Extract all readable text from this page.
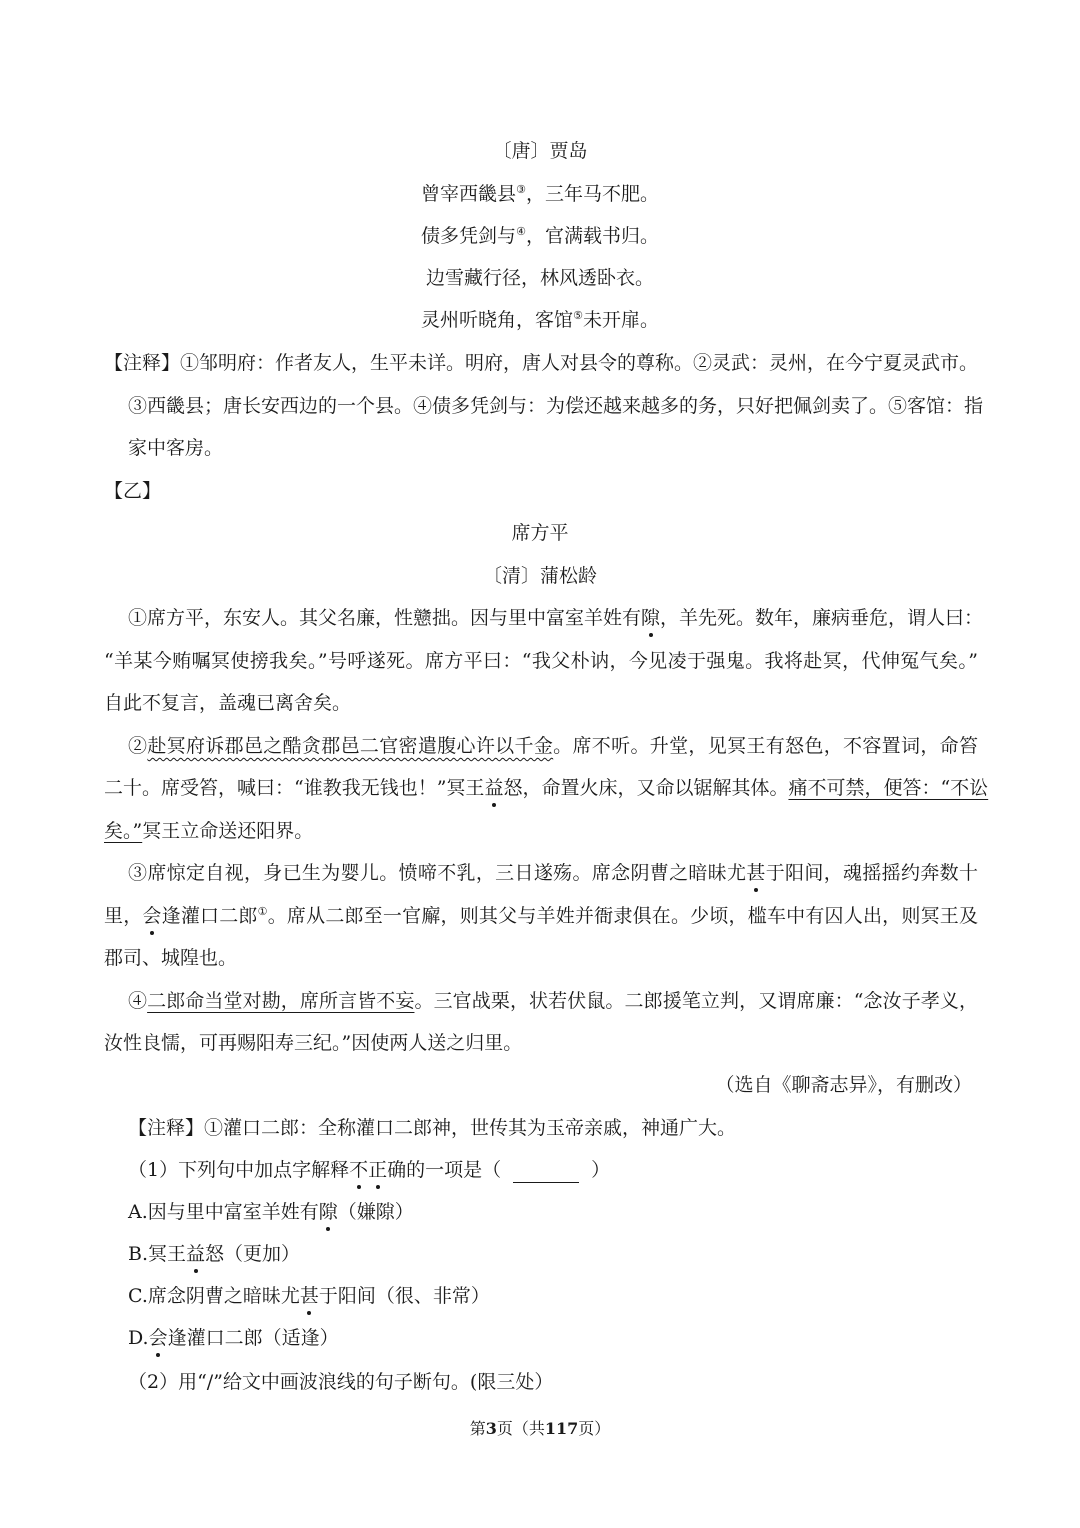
〔唐〕贾岛
曾宰西畿县③，三年马不肥。
债多凭剑与④，官满载书归。
边雪藏行径，林风透卧衣。
灵州听晓角，客馆⑤未开扉。
【注释】①邹明府：作者友人，生平未详。明府，唐人对县令的尊称。②灵武：灵州，在今宁夏灵武市。
③西畿县；唐长安西边的一个县。④债多凭剑与：为偿还越来越多的务，只好把佩剑卖了。⑤客馆：指
家中客房。
【乙】
席方平
〔清〕蒲松龄
①席方平，东安人。其父名廉，性戆拙。因与里中富室羊姓有隙，羊先死。数年，廉病垂危，谓人曰：
“羊某今贿嘱冥使搒我矣。”号呼遂死。席方平曰：“我父朴讷，今见凌于强鬼。我将赴冥，代伸冤气矣。”
自此不复言，盖魂已离舍矣。
②赴冥府诉郡邑之酷贪郡邑二官密遣腹心许以千金。席不听。升堂，见冥王有怒色，不容置词，命笞
二十。席受笞，喊曰：“谁教我无钱也！”冥王益怒，命置火床，又命以锯解其体。痛不可禁，便答：“不讼
矣。”冥王立命送还阳界。
③席惊定自视，身已生为婴儿。愤啼不乳，三日遂殇。席念阴曹之暗昧尤甚于阳间，魂摇摇约奔数十
里，会逢灌口二郎①。席从二郎至一官廨，则其父与羊姓并衙隶俱在。少顷，槛车中有囚人出，则冥王及
郡司、城隍也。
④二郎命当堂对勘，席所言皆不妄。三官战栗，状若伏鼠。二郎援笔立判，又谓席廉：“念汝子孝义，
汝性良懦，可再赐阳寿三纪。”因使两人送之归里。
（选自《聊斋志异》，有删改）
【注释】①灌口二郎：全称灌口二郎神，世传其为玉帝亲戚，神通广大。
（1）下列句中加点字解释不正确的一项是（	）
A.因与里中富室羊姓有隙（嫌隙）
B.冥王益怒（更加）
C.席念阴曹之暗昧尤甚于阳间（很、非常）
D.会逢灌口二郎（适逢）
（2）用“/”给文中画波浪线的句子断句。(限三处）
第3页（共117页）
